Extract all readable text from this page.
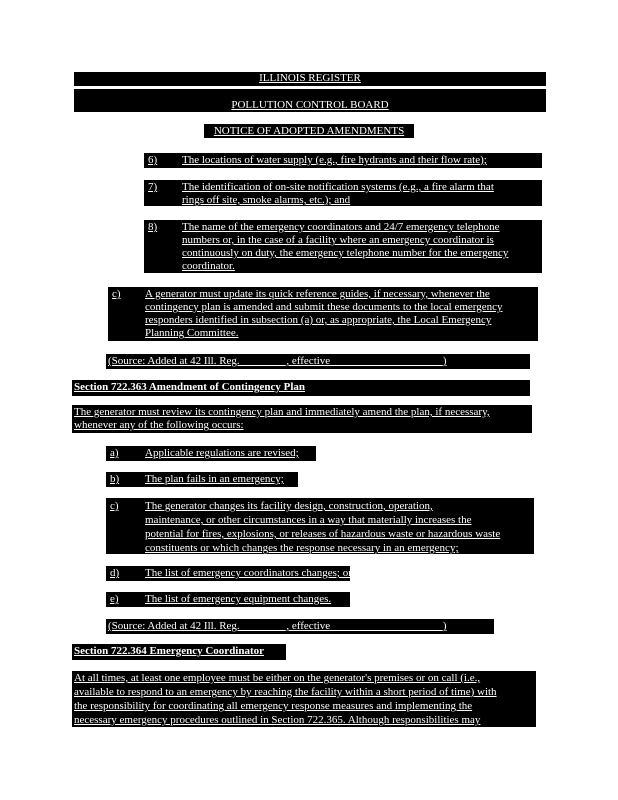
ILLINOIS REGISTER
POLLUTION CONTROL BOARD
NOTICE OF ADOPTED AMENDMENTS
6) The locations of water supply (e.g., fire hydrants and their flow rate);
7) The identification of on-site notification systems (e.g., a fire alarm that
rings off site, smoke alarms, etc.); and
8) The name of the emergency coordinators and 24/7 emergency telephone
numbers or, in the case of a facility where an emergency coordinator is
continuously on duty, the emergency telephone number for the emergency
coordinator.
c) A generator must update its quick reference guides, if necessary, whenever the
contingency plan is amended and submit these documents to the local emergency
responders identified in subsection (a) or, as appropriate, the Local Emergency
Planning Committee.
(Source: Added at 42 Ill. Reg. ________, effective ____________________)
Section 722.363 Amendment of Contingency Plan
The generator must review its contingency plan and immediately amend the plan, if necessary,
whenever any of the following occurs:
a) Applicable regulations are revised;
b) The plan fails in an emergency;
c) The generator changes its facility design, construction, operation,
maintenance, or other circumstances in a way that materially increases the
potential for fires, explosions, or releases of hazardous waste or hazardous waste
constituents or which changes the response necessary in an emergency;
d) The list of emergency coordinators changes; or
e) The list of emergency equipment changes.
(Source: Added at 42 Ill. Reg. ________, effective ____________________)
Section 722.364 Emergency Coordinator
At all times, at least one employee must be either on the generator's premises or on call (i.e.,
available to respond to an emergency by reaching the facility within a short period of time) with
the responsibility for coordinating all emergency response measures and implementing the
necessary emergency procedures outlined in Section 722.365. Although responsibilities may
